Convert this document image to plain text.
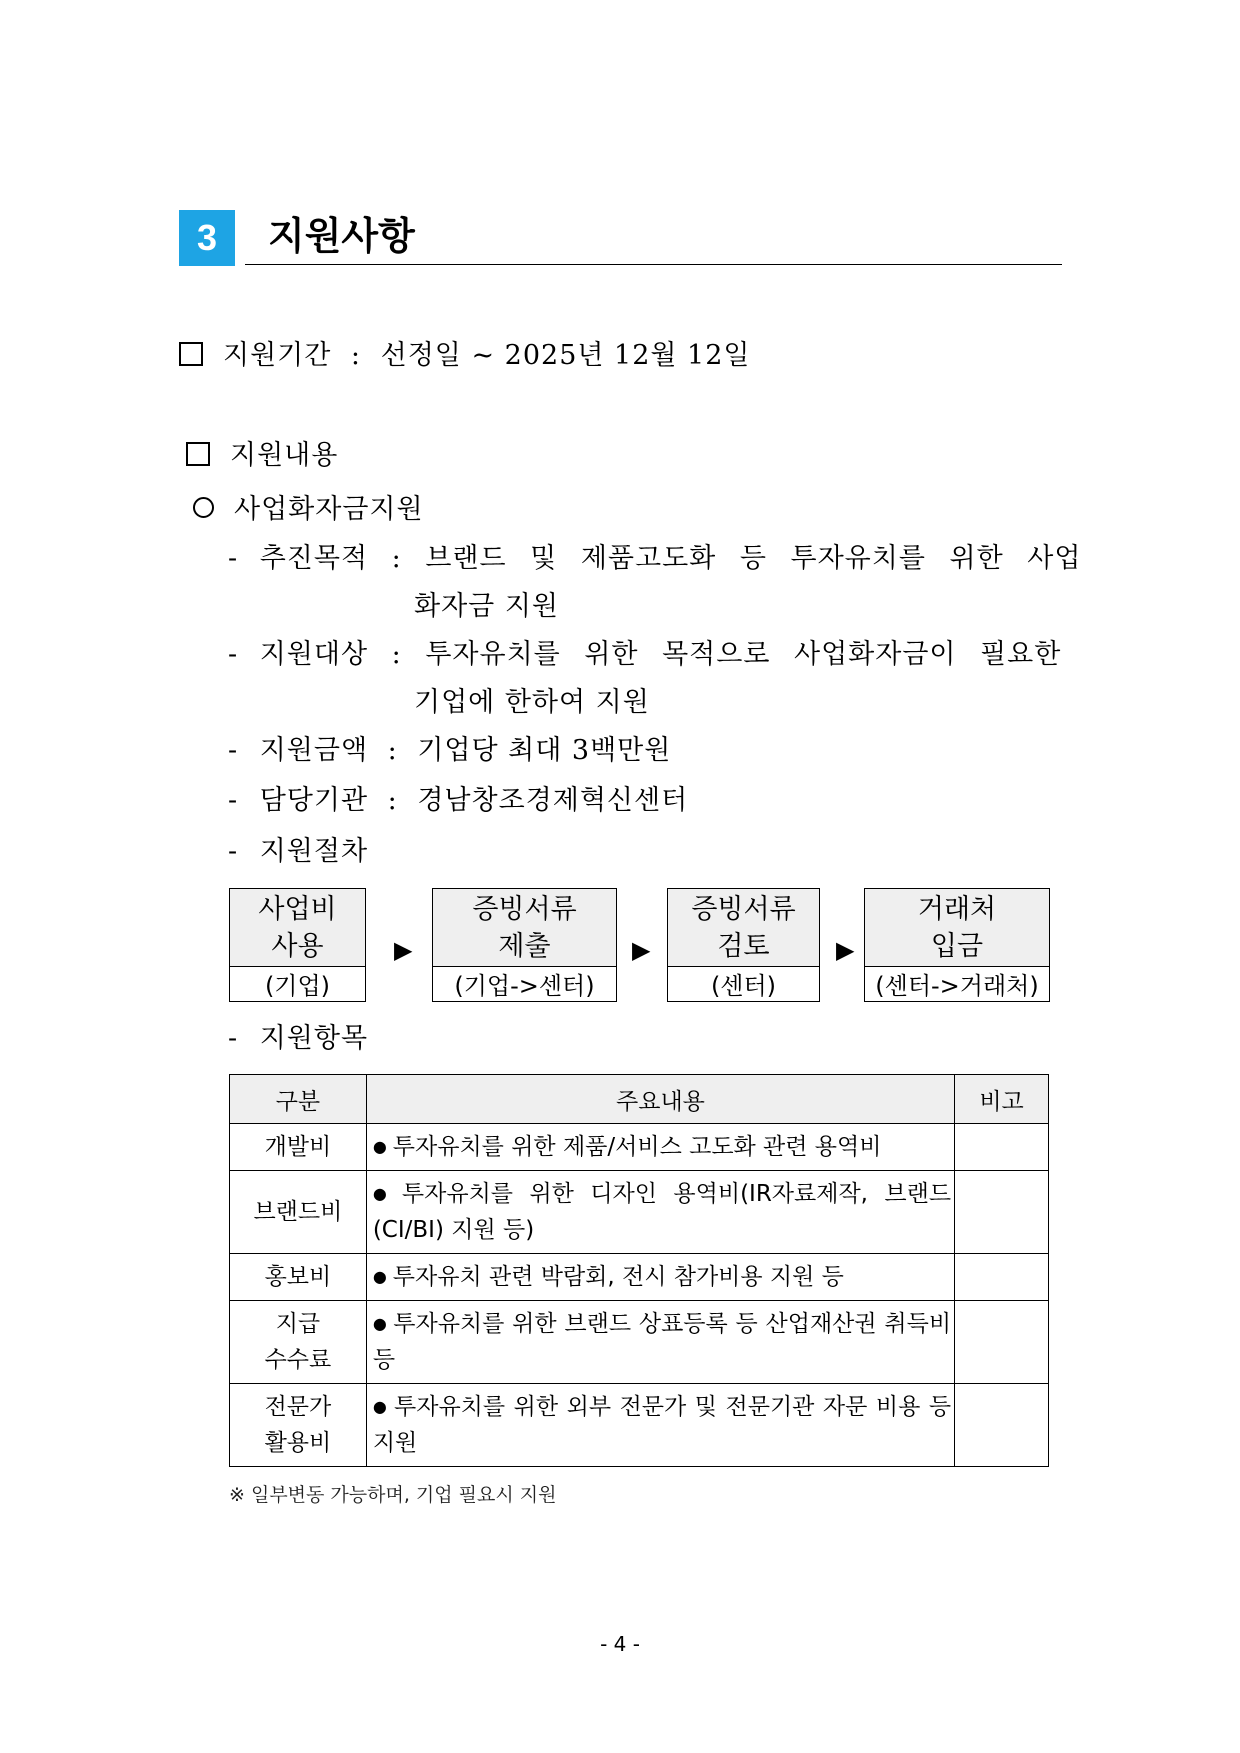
3	지원사항
지원기간 : 선정일 ~ 2025년 12월 12일
지원내용
사업화자금지원
- 추진목적 : 브랜드 및 제품고도화 등 투자유치를 위한 사업
화자금 지원
- 지원대상 : 투자유치를 위한 목적으로 사업화자금이 필요한
기업에 한하여 지원
- 지원금액 : 기업당 최대 3백만원
- 담당기관 : 경남창조경제혁신센터
- 지원절차
사업비
사용
(기업)
▶
증빙서류
제출
(기업->센터)
▶
증빙서류
검토
(센터)
▶
거래처
입금
(센터->거래처)
- 지원항목
구분	주요내용	비고
개발비	● 투자유치를 위한 제품/서비스 고도화 관련 용역비	
브랜드비	● 투자유치를 위한 디자인 용역비(IR자료제작, 브랜드(CI/BI) 지원 등)	
홍보비	● 투자유치 관련 박람회, 전시 참가비용 지원 등	
지급
수수료	● 투자유치를 위한 브랜드 상표등록 등 산업재산권 취득비 등	
전문가
활용비	● 투자유치를 위한 외부 전문가 및 전문기관 자문 비용 등 지원	
※ 일부변동 가능하며, 기업 필요시 지원
- 4 -
